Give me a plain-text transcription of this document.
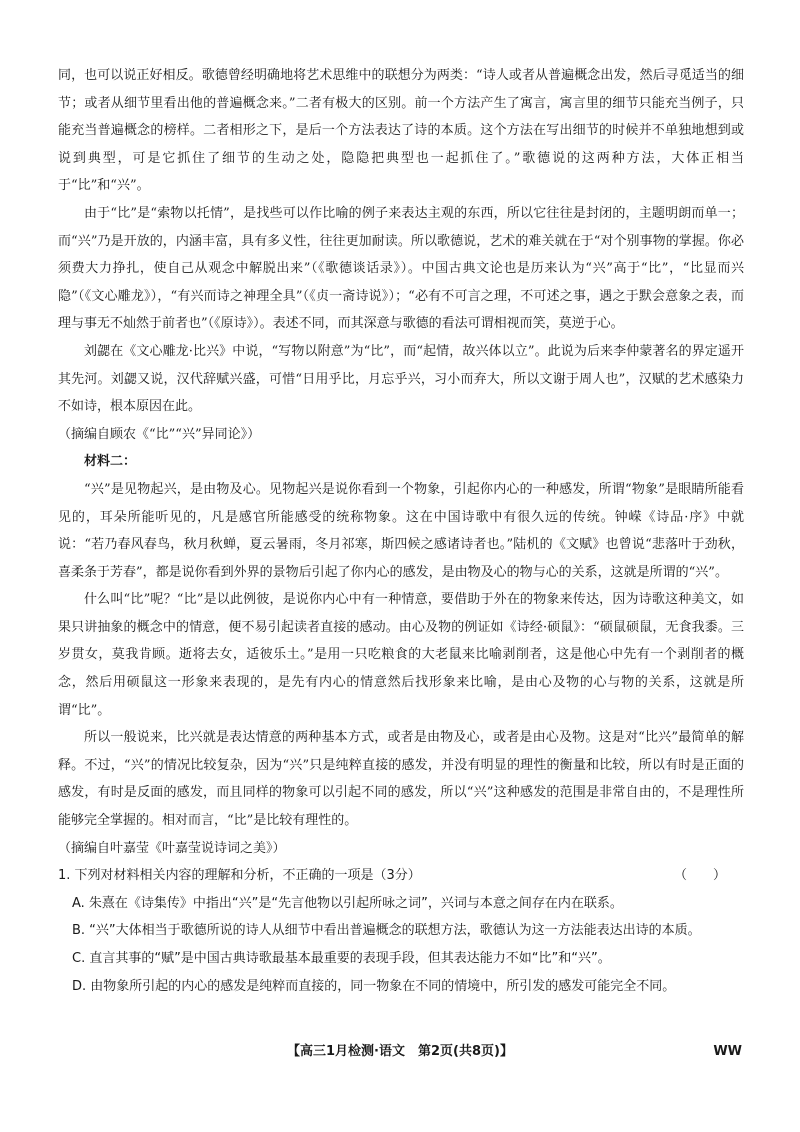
同，也可以说正好相反。歌德曾经明确地将艺术思维中的联想分为两类：“诗人或者从普遍概念出发，然后寻觅适当的细节；或者从细节里看出他的普遍概念来。”二者有极大的区别。前一个方法产生了寓言，寓言里的细节只能充当例子，只能充当普遍概念的榜样。二者相形之下，是后一个方法表达了诗的本质。这个方法在写出细节的时候并不单独地想到或说到典型，可是它抓住了细节的生动之处，隐隐把典型也一起抓住了。”歌德说的这两种方法，大体正相当于“比”和“兴”。

由于“比”是“索物以托情”，是找些可以作比喻的例子来表达主观的东西，所以它往往是封闭的，主题明朗而单一；而“兴”乃是开放的，内涵丰富，具有多义性，往往更加耐读。所以歌德说，艺术的难关就在于“对个别事物的掌握。你必须费大力挣扎，使自己从观念中解脱出来”（《歌德谈话录》）。中国古典文论也是历来认为“兴”高于“比”，“比显而兴隐”（《文心雕龙》），“有兴而诗之神理全具”（《贞一斋诗说》）；“必有不可言之理，不可述之事，遇之于默会意象之表，而理与事无不灿然于前者也”（《原诗》）。表述不同，而其深意与歌德的看法可谓相视而笑，莫逆于心。

刘勰在《文心雕龙·比兴》中说，“写物以附意”为“比”，而“起情，故兴体以立”。此说为后来李仲蒙著名的界定遥开其先河。刘勰又说，汉代辞赋兴盛，可惜“日用乎比，月忘乎兴，习小而弃大，所以文谢于周人也”，汉赋的艺术感染力不如诗，根本原因在此。

（摘编自顾农《“比”“兴”异同论》）

材料二：

“兴”是见物起兴，是由物及心。见物起兴是说你看到一个物象，引起你内心的一种感发，所谓“物象”是眼睛所能看见的，耳朵所能听见的，凡是感官所能感受的统称物象。这在中国诗歌中有很久远的传统。钟嵘《诗品·序》中就说：“若乃春风春鸟，秋月秋蝉，夏云暑雨，冬月祁寒，斯四候之感诸诗者也。”陆机的《文赋》也曾说“悲落叶于劲秋，喜柔条于芳春”，都是说你看到外界的景物后引起了你内心的感发，是由物及心的物与心的关系，这就是所谓的“兴”。

什么叫“比”呢？“比”是以此例彼，是说你内心中有一种情意，要借助于外在的物象来传达，因为诗歌这种美文，如果只讲抽象的概念中的情意，便不易引起读者直接的感动。由心及物的例证如《诗经·硕鼠》：“硕鼠硕鼠，无食我黍。三岁贯女，莫我肯顾。逝将去女，适彼乐土。”是用一只吃粮食的大老鼠来比喻剥削者，这是他心中先有一个剥削者的概念，然后用硕鼠这一形象来表现的，是先有内心的情意然后找形象来比喻，是由心及物的心与物的关系，这就是所谓“比”。

所以一般说来，比兴就是表达情意的两种基本方式，或者是由物及心，或者是由心及物。这是对“比兴”最简单的解释。不过，“兴”的情况比较复杂，因为“兴”只是纯粹直接的感发，并没有明显的理性的衡量和比较，所以有时是正面的感发，有时是反面的感发，而且同样的物象可以引起不同的感发，所以“兴”这种感发的范围是非常自由的，不是理性所能够完全掌握的。相对而言，“比”是比较有理性的。

（摘编自叶嘉莹《叶嘉莹说诗词之美》）

1. 下列对材料相关内容的理解和分析，不正确的一项是（3分）	（　　）

A. 朱熹在《诗集传》中指出“兴”是“先言他物以引起所咏之词”，兴词与本意之间存在内在联系。

B. “兴”大体相当于歌德所说的诗人从细节中看出普遍概念的联想方法，歌德认为这一方法能表达出诗的本质。

C. 直言其事的“赋”是中国古典诗歌最基本最重要的表现手段，但其表达能力不如“比”和“兴”。

D. 由物象所引起的内心的感发是纯粹而直接的，同一物象在不同的情境中，所引发的感发可能完全不同。

【高三1月检测·语文　第2页(共8页)】	WW
